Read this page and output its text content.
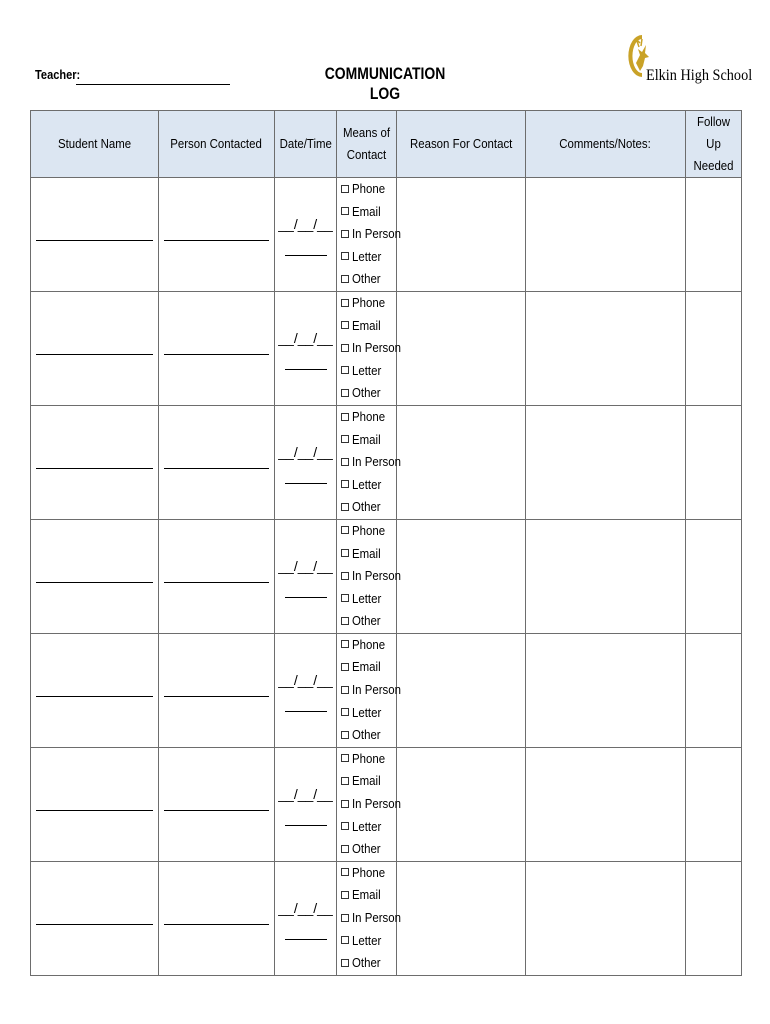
Teacher:	COMMUNICATION LOG
Elkin High School
Student Name	Person Contacted	Date/Time	Means of Contact	Reason For Contact	Comments/Notes:	Follow Up Needed

		__/__/__	Phone
Email
In Person
Letter
Other			

		__/__/__	Phone
Email
In Person
Letter
Other			

		__/__/__	Phone
Email
In Person
Letter
Other			

		__/__/__	Phone
Email
In Person
Letter
Other			

		__/__/__	Phone
Email
In Person
Letter
Other			

		__/__/__	Phone
Email
In Person
Letter
Other			

		__/__/__	Phone
Email
In Person
Letter
Other			
